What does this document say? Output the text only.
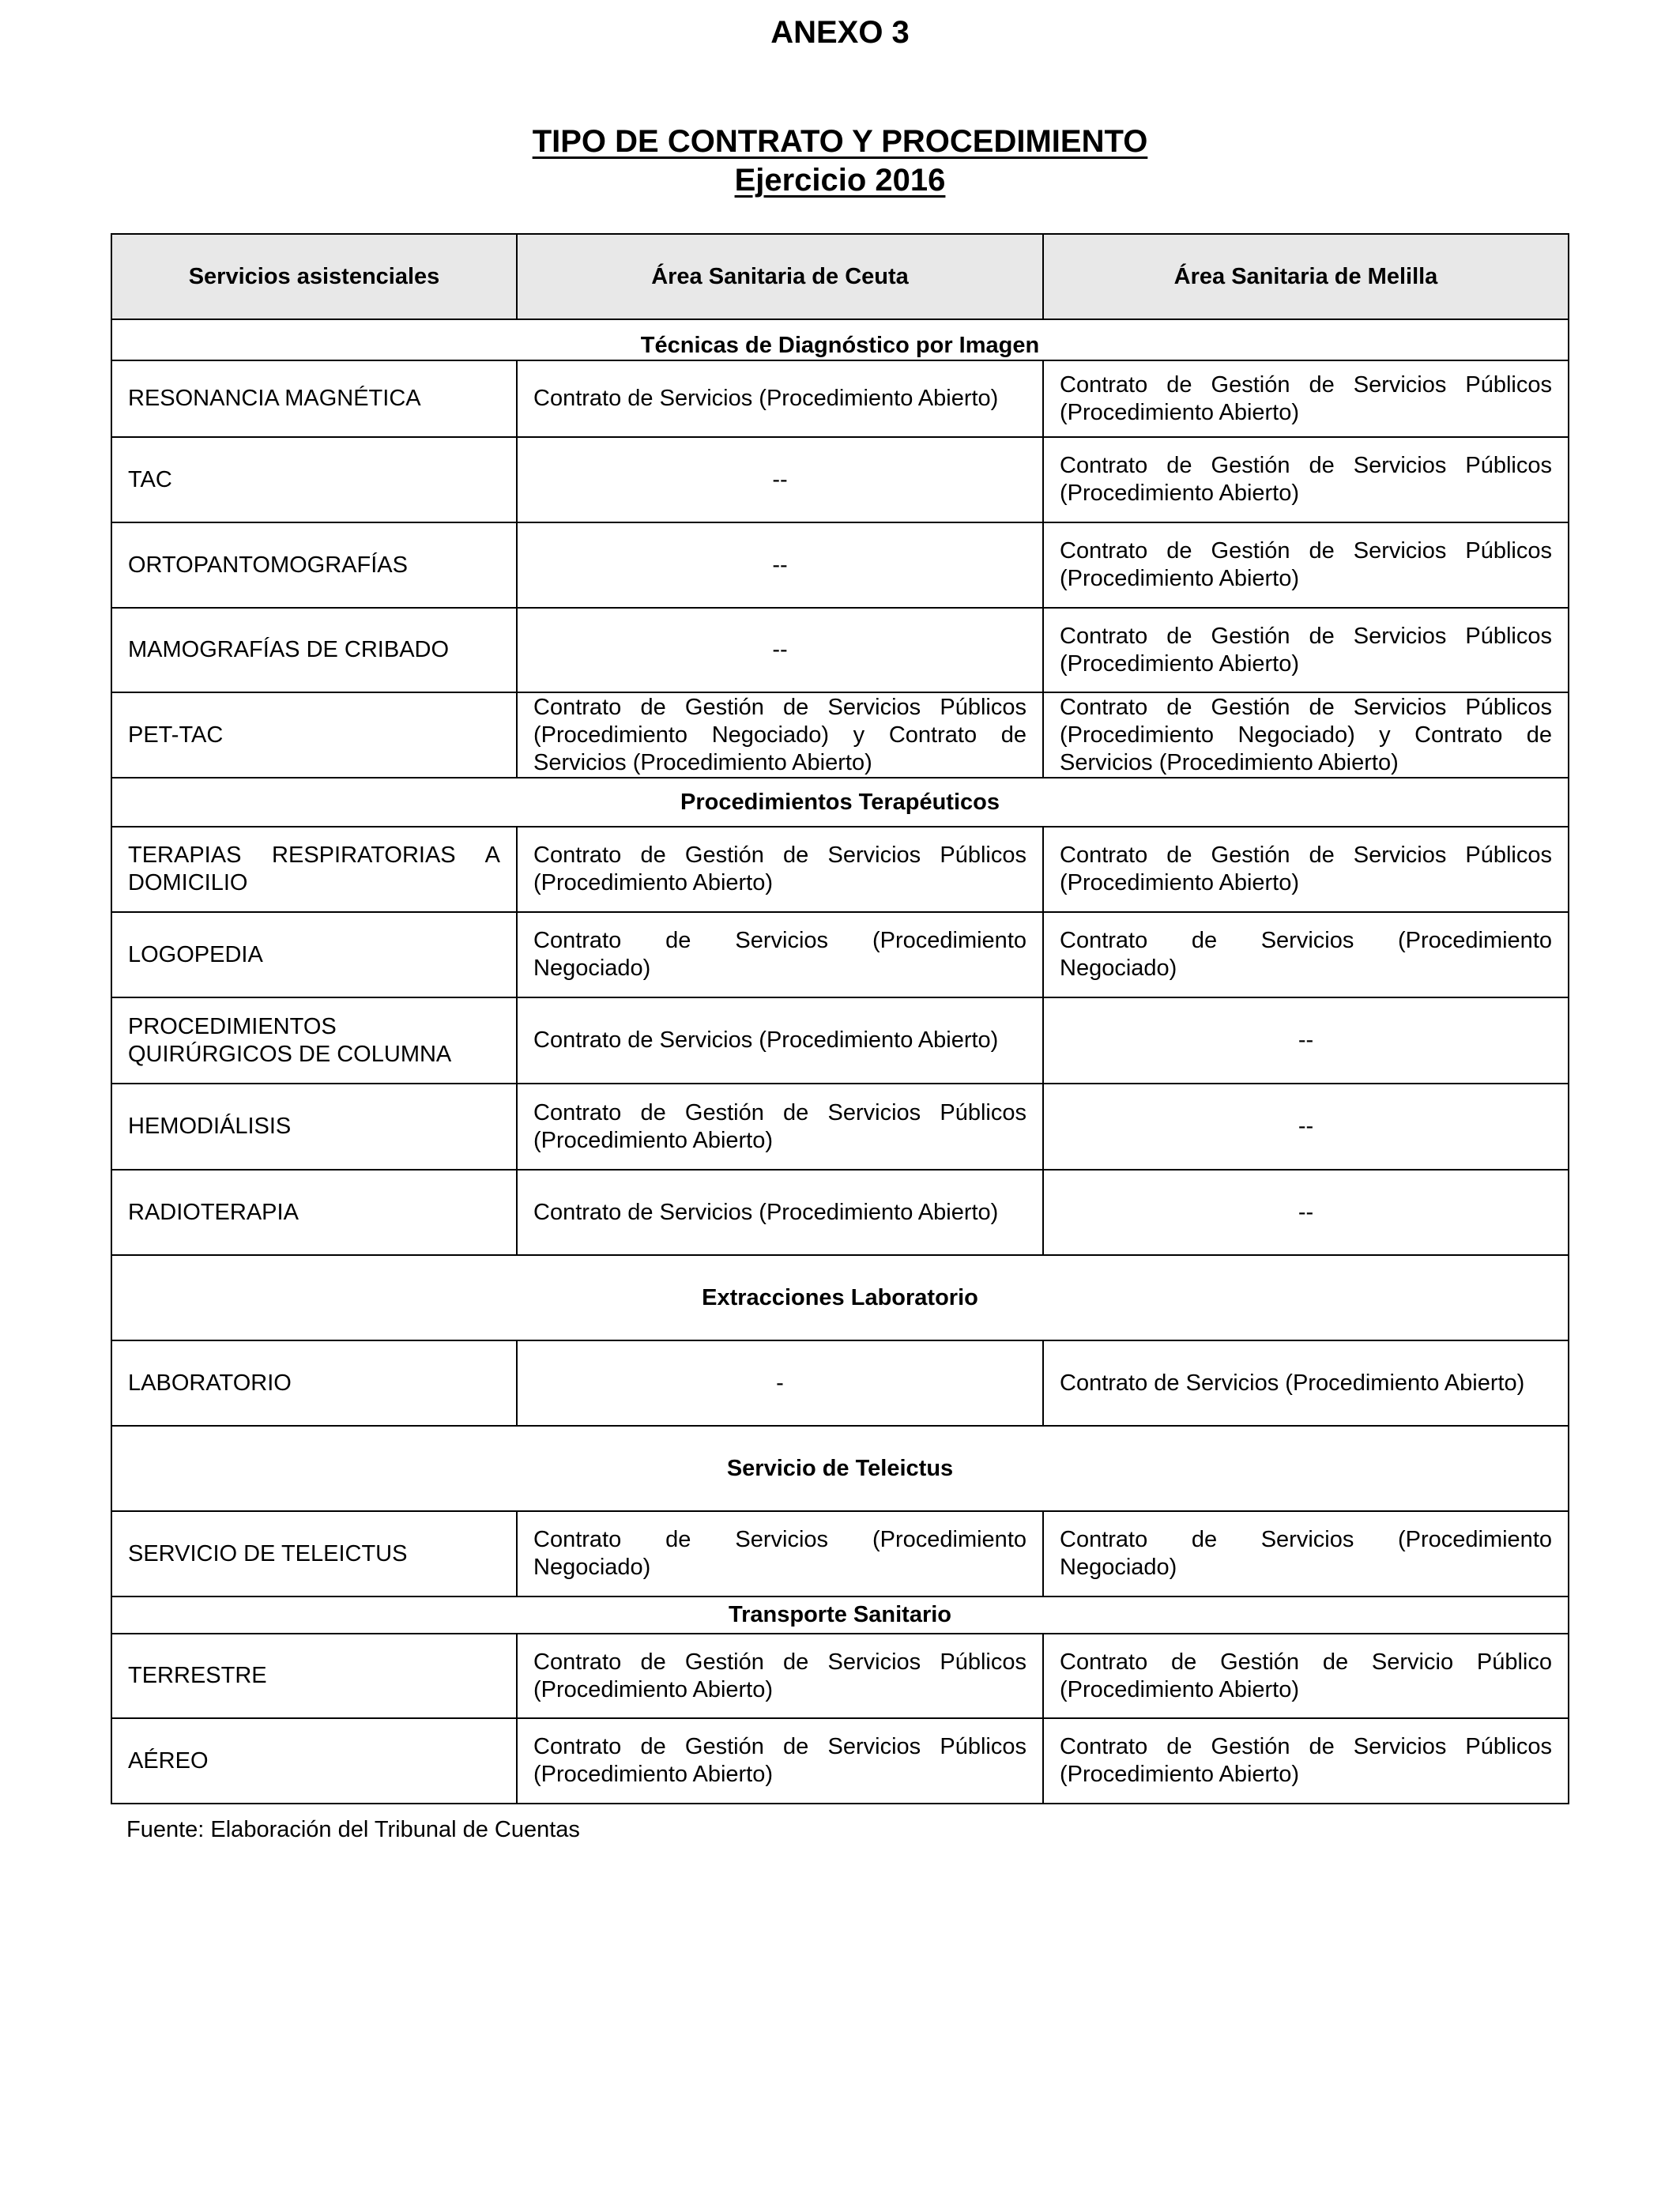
ANEXO 3
TIPO DE CONTRATO Y PROCEDIMIENTO
Ejercicio 2016
Servicios asistenciales	Área Sanitaria de Ceuta	Área Sanitaria de Melilla
Técnicas de Diagnóstico por Imagen		
RESONANCIA MAGNÉTICA	Contrato de Servicios (Procedimiento Abierto)	Contrato de Gestión de Servicios Públicos (Procedimiento Abierto)
TAC	--	Contrato de Gestión de Servicios Públicos (Procedimiento Abierto)
ORTOPANTOMOGRAFÍAS	--	Contrato de Gestión de Servicios Públicos (Procedimiento Abierto)
MAMOGRAFÍAS DE CRIBADO	--	Contrato de Gestión de Servicios Públicos (Procedimiento Abierto)
PET-TAC	Contrato de Gestión de Servicios Públicos (Procedimiento Negociado) y Contrato de Servicios (Procedimiento Abierto)	Contrato de Gestión de Servicios Públicos (Procedimiento Negociado) y Contrato de Servicios (Procedimiento Abierto)
Procedimientos Terapéuticos		
TERAPIAS RESPIRATORIAS A DOMICILIO	Contrato de Gestión de Servicios Públicos (Procedimiento Abierto)	Contrato de Gestión de Servicios Públicos (Procedimiento Abierto)
LOGOPEDIA	Contrato de Servicios (Procedimiento Negociado)	Contrato de Servicios (Procedimiento Negociado)
PROCEDIMIENTOS QUIRÚRGICOS DE COLUMNA	Contrato de Servicios (Procedimiento Abierto)	--
HEMODIÁLISIS	Contrato de Gestión de Servicios Públicos (Procedimiento Abierto)	--
RADIOTERAPIA	Contrato de Servicios (Procedimiento Abierto)	--
Extracciones Laboratorio		
LABORATORIO	-	Contrato de Servicios (Procedimiento Abierto)
Servicio de Teleictus		
SERVICIO DE TELEICTUS	Contrato de Servicios (Procedimiento Negociado)	Contrato de Servicios (Procedimiento Negociado)
Transporte Sanitario		
TERRESTRE	Contrato de Gestión de Servicios Públicos (Procedimiento Abierto)	Contrato de Gestión de Servicio Público (Procedimiento Abierto)
AÉREO	Contrato de Gestión de Servicios Públicos (Procedimiento Abierto)	Contrato de Gestión de Servicios Públicos (Procedimiento Abierto)
Fuente: Elaboración del Tribunal de Cuentas
